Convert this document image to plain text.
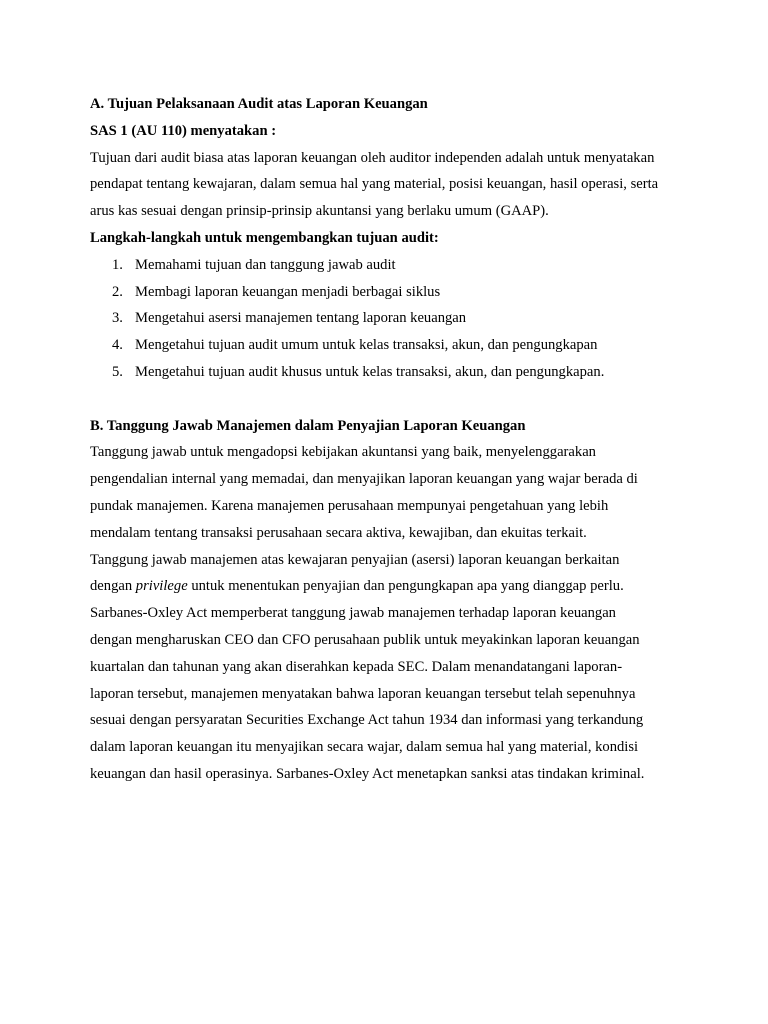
A. Tujuan Pelaksanaan Audit atas Laporan Keuangan

SAS 1 (AU 110) menyatakan :

Tujuan dari audit biasa atas laporan keuangan oleh auditor independen adalah untuk menyatakan

pendapat tentang kewajaran, dalam semua hal yang material, posisi keuangan, hasil operasi, serta

arus kas sesuai dengan prinsip-prinsip akuntansi yang berlaku umum (GAAP).

Langkah-langkah untuk mengembangkan tujuan audit:

1. Memahami tujuan dan tanggung jawab audit
2. Membagi laporan keuangan menjadi berbagai siklus
3. Mengetahui asersi manajemen tentang laporan keuangan
4. Mengetahui tujuan audit umum untuk kelas transaksi, akun, dan pengungkapan
5. Mengetahui tujuan audit khusus untuk kelas transaksi, akun, dan pengungkapan.

B. Tanggung Jawab Manajemen dalam Penyajian Laporan Keuangan

Tanggung jawab untuk mengadopsi kebijakan akuntansi yang baik, menyelenggarakan

pengendalian internal yang memadai, dan menyajikan laporan keuangan yang wajar berada di

pundak manajemen. Karena manajemen perusahaan mempunyai pengetahuan yang lebih

mendalam tentang transaksi perusahaan secara aktiva, kewajiban, dan ekuitas terkait.

Tanggung jawab manajemen atas kewajaran penyajian (asersi) laporan keuangan berkaitan

dengan privilege untuk menentukan penyajian dan pengungkapan apa yang dianggap perlu.

Sarbanes-Oxley Act memperberat tanggung jawab manajemen terhadap laporan keuangan

dengan mengharuskan CEO dan CFO perusahaan publik untuk meyakinkan laporan keuangan

kuartalan dan tahunan yang akan diserahkan kepada SEC. Dalam menandatangani laporan-

laporan tersebut, manajemen menyatakan bahwa laporan keuangan tersebut telah sepenuhnya

sesuai dengan persyaratan Securities Exchange Act tahun 1934 dan informasi yang terkandung

dalam laporan keuangan itu menyajikan secara wajar, dalam semua hal yang material, kondisi

keuangan dan hasil operasinya. Sarbanes-Oxley Act menetapkan sanksi atas tindakan kriminal.
